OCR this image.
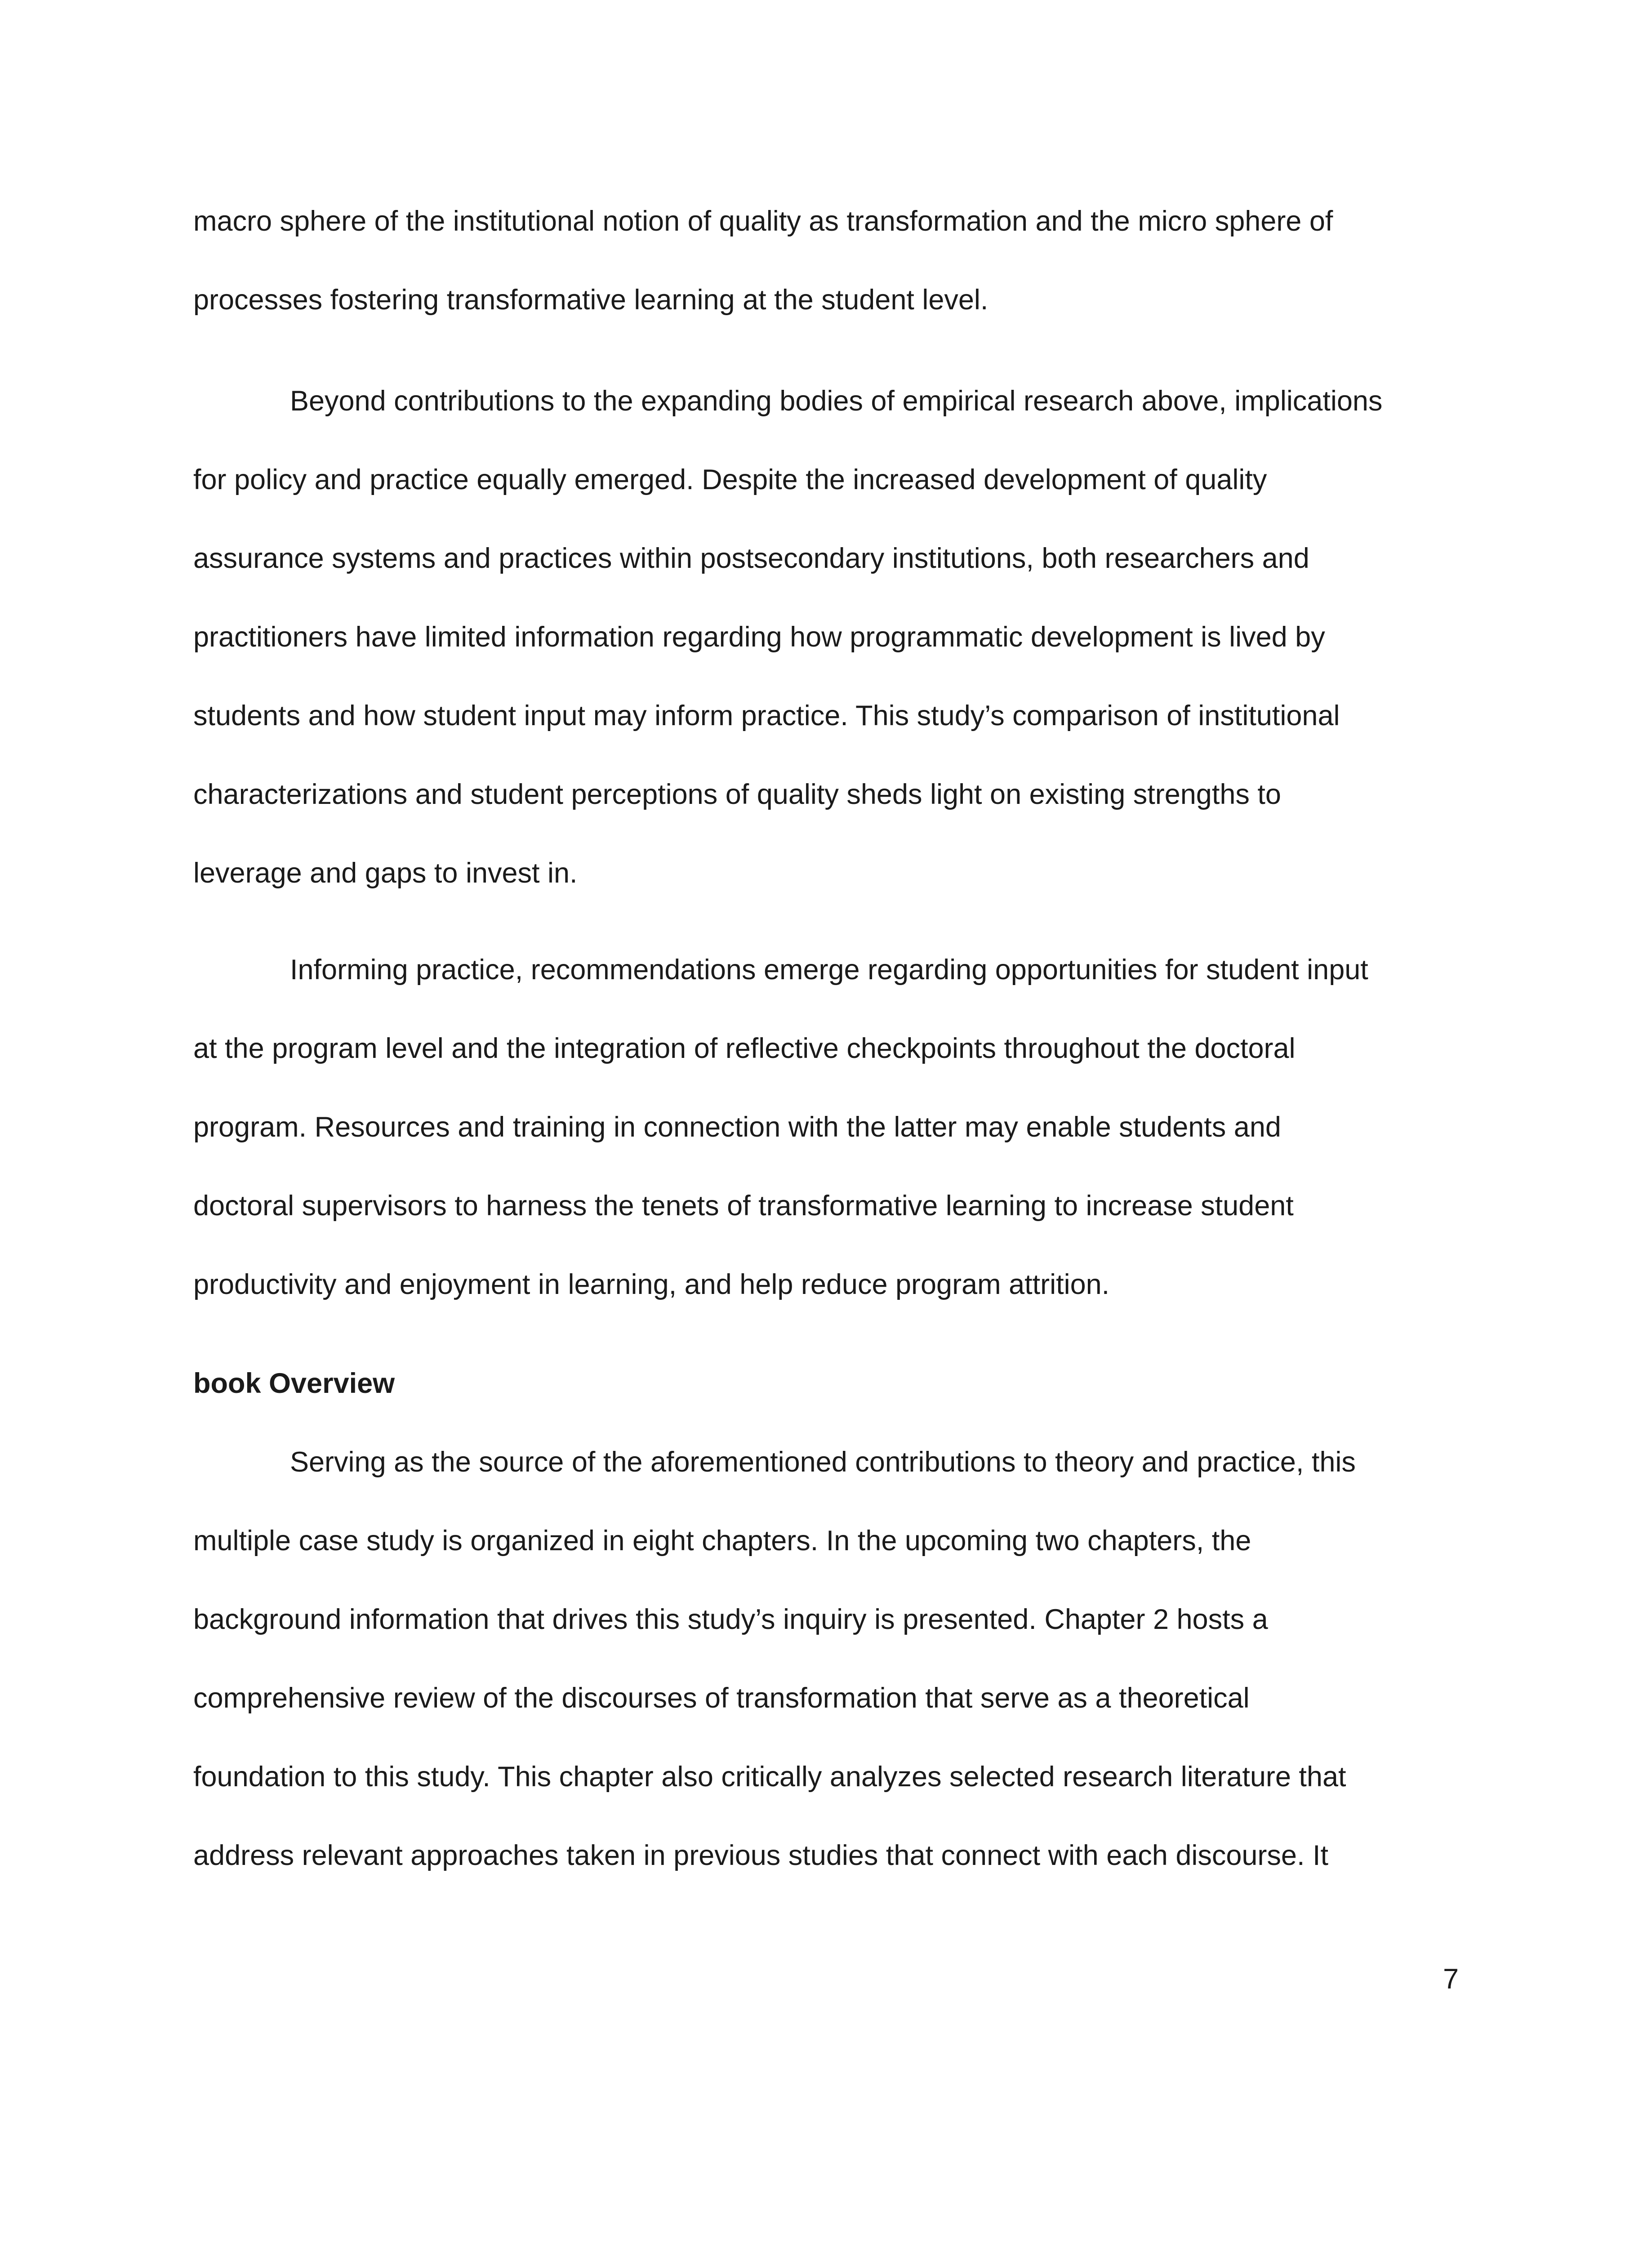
macro sphere of the institutional notion of quality as transformation and the micro sphere of
processes fostering transformative learning at the student level.
Beyond contributions to the expanding bodies of empirical research above, implications
for policy and practice equally emerged. Despite the increased development of quality
assurance systems and practices within postsecondary institutions, both researchers and
practitioners have limited information regarding how programmatic development is lived by
students and how student input may inform practice. This study’s comparison of institutional
characterizations and student perceptions of quality sheds light on existing strengths to
leverage and gaps to invest in.
Informing practice, recommendations emerge regarding opportunities for student input
at the program level and the integration of reflective checkpoints throughout the doctoral
program. Resources and training in connection with the latter may enable students and
doctoral supervisors to harness the tenets of transformative learning to increase student
productivity and enjoyment in learning, and help reduce program attrition.
book Overview
Serving as the source of the aforementioned contributions to theory and practice, this
multiple case study is organized in eight chapters. In the upcoming two chapters, the
background information that drives this study’s inquiry is presented. Chapter 2 hosts a
comprehensive review of the discourses of transformation that serve as a theoretical
foundation to this study. This chapter also critically analyzes selected research literature that
address relevant approaches taken in previous studies that connect with each discourse. It
7
